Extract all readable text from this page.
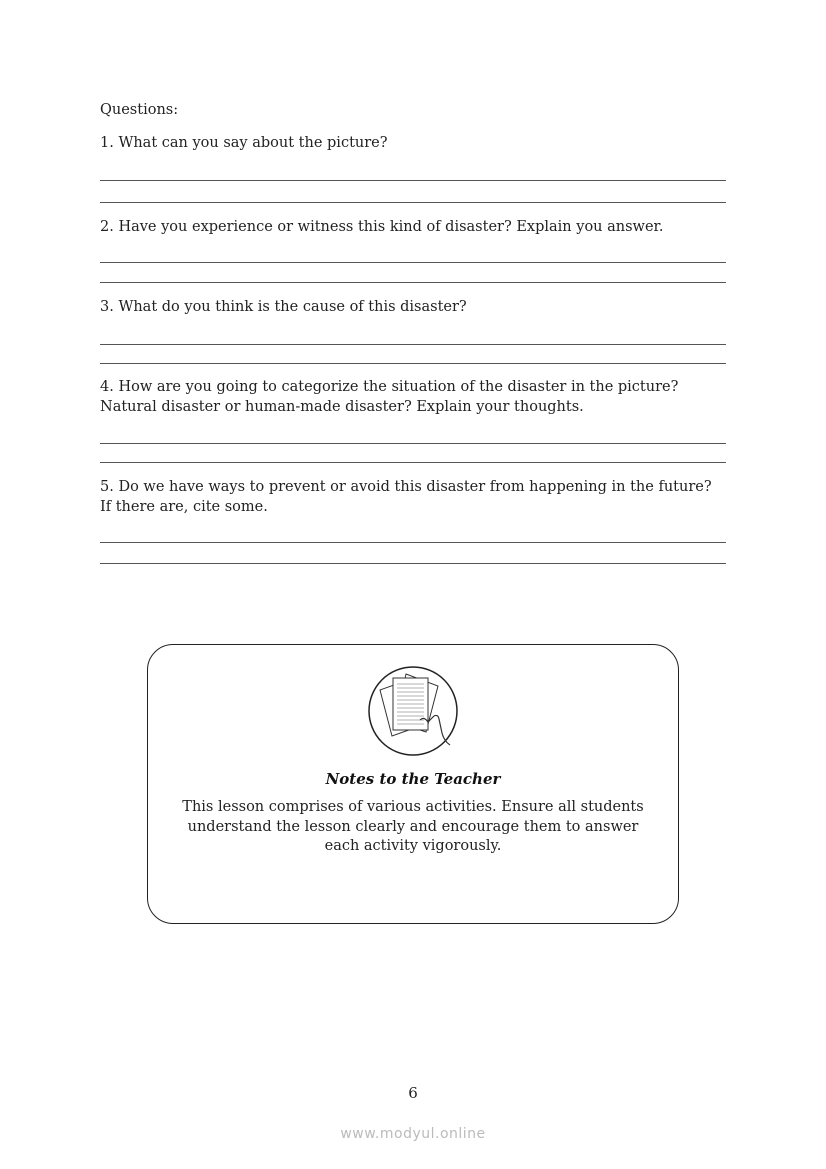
Questions:
1. What can you say about the picture?
2. Have you experience or witness this kind of disaster? Explain you answer.
3. What do you think is the cause of this disaster?
4. How are you going to categorize the situation of the disaster in the picture?
Natural disaster or human-made disaster? Explain your thoughts.
5. Do we have ways to prevent or avoid this disaster from happening in the future?
If there are, cite some.
Notes to the Teacher
This lesson comprises of various activities. Ensure all students
understand the lesson clearly and encourage them to answer
each activity vigorously.
6
www.modyul.online
